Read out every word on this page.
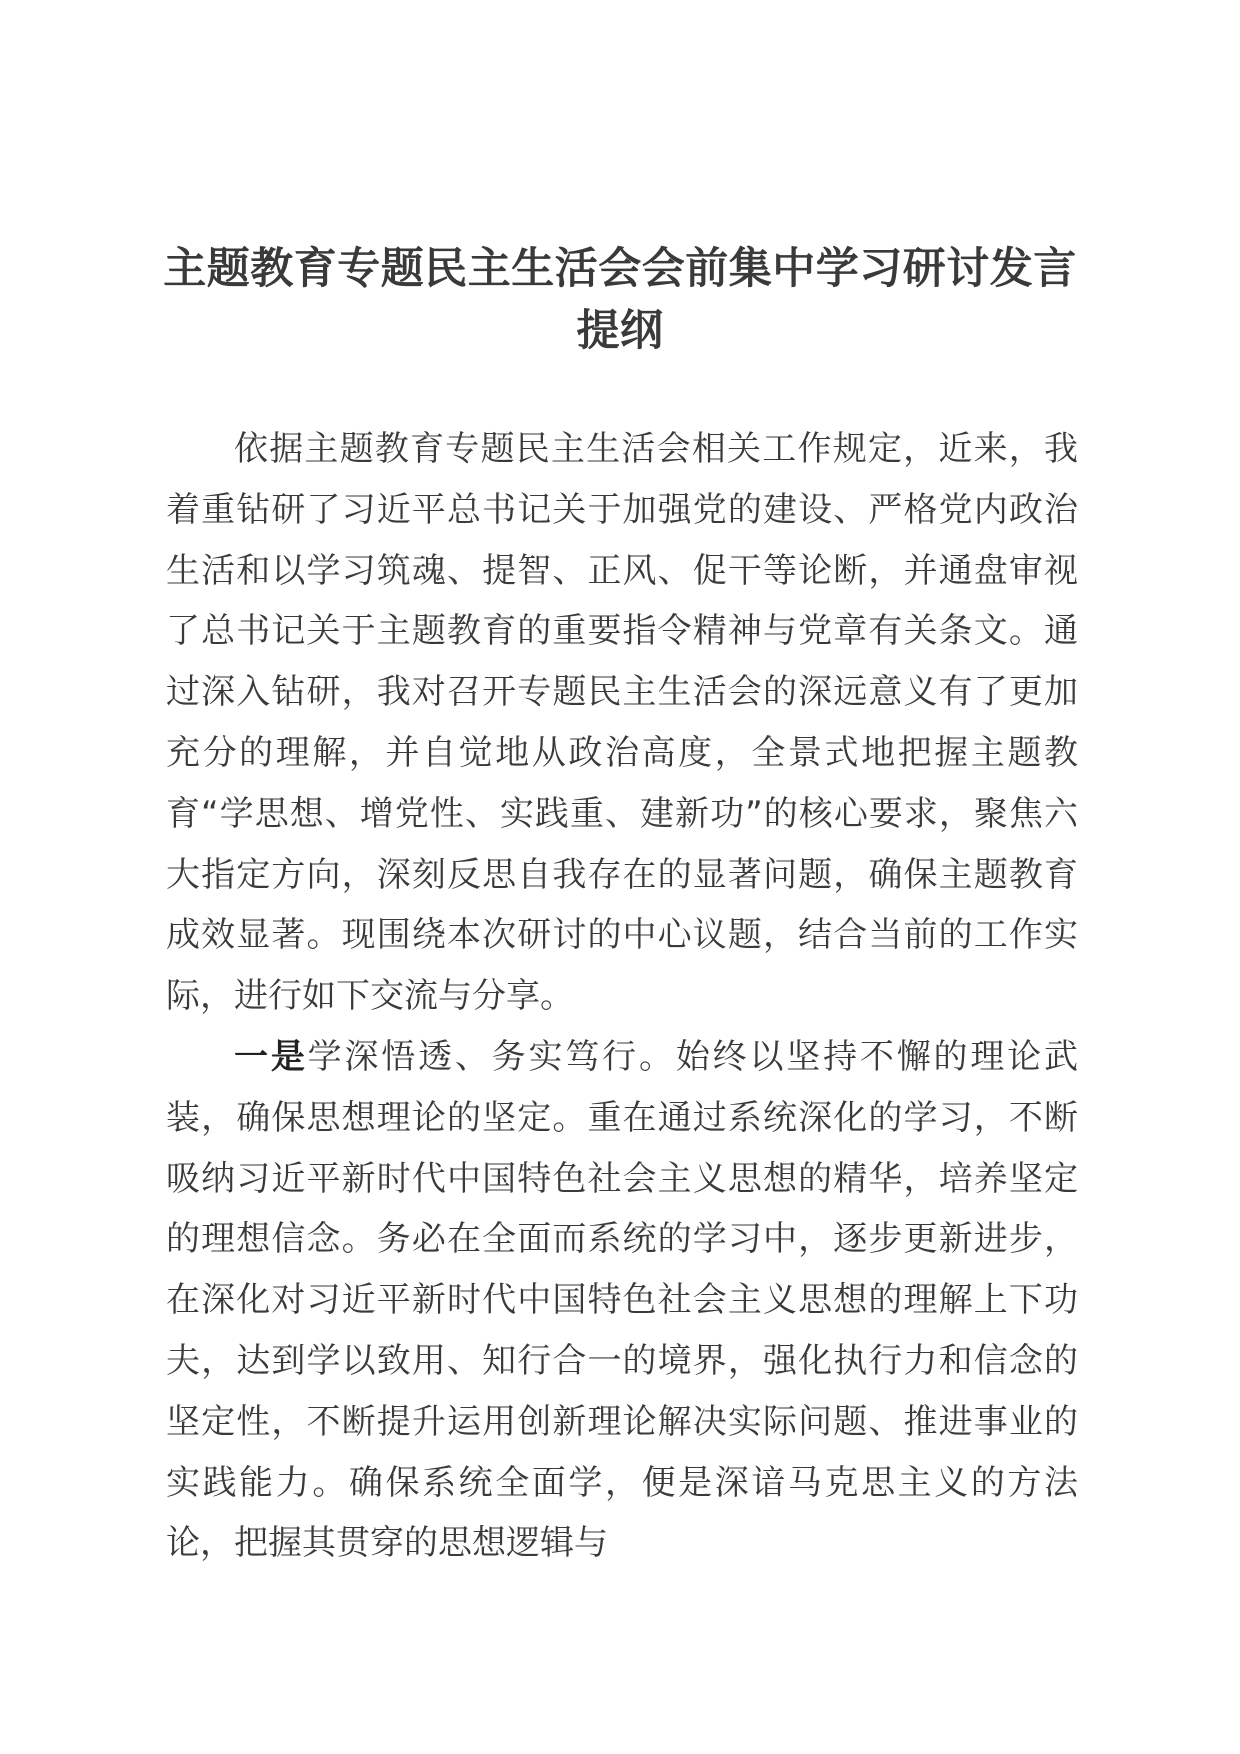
主题教育专题民主生活会会前集中学习研讨发言提纲

依据主题教育专题民主生活会相关工作规定，近来，我着重钻研了习近平总书记关于加强党的建设、严格党内政治生活和以学习筑魂、提智、正风、促干等论断，并通盘审视了总书记关于主题教育的重要指令精神与党章有关条文。通过深入钻研，我对召开专题民主生活会的深远意义有了更加充分的理解，并自觉地从政治高度，全景式地把握主题教育“学思想、增党性、实践重、建新功”的核心要求，聚焦六大指定方向，深刻反思自我存在的显著问题，确保主题教育成效显著。现围绕本次研讨的中心议题，结合当前的工作实际，进行如下交流与分享。

一是学深悟透、务实笃行。始终以坚持不懈的理论武装，确保思想理论的坚定。重在通过系统深化的学习，不断吸纳习近平新时代中国特色社会主义思想的精华，培养坚定的理想信念。务必在全面而系统的学习中，逐步更新进步，在深化对习近平新时代中国特色社会主义思想的理解上下功夫，达到学以致用、知行合一的境界，强化执行力和信念的坚定性，不断提升运用创新理论解决实际问题、推进事业的实践能力。确保系统全面学，便是深谙马克思主义的方法论，把握其贯穿的思想逻辑与
